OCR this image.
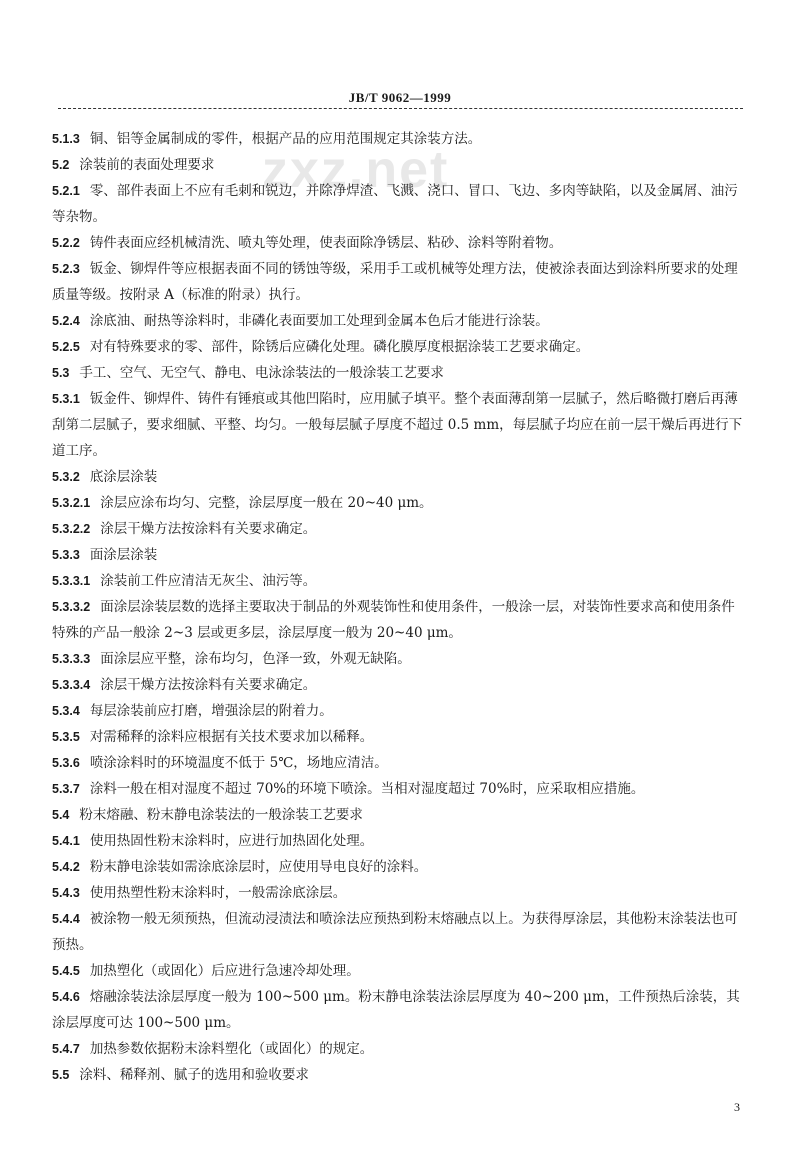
JB/T 9062—1999
zxz.net

5.1.3 铜、铝等金属制成的零件，根据产品的应用范围规定其涂装方法。

5.2 涂装前的表面处理要求

5.2.1 零、部件表面上不应有毛刺和锐边，并除净焊渣、飞溅、浇口、冒口、飞边、多肉等缺陷，以及金属屑、油污等杂物。

5.2.2 铸件表面应经机械清洗、喷丸等处理，使表面除净锈层、粘砂、涂料等附着物。

5.2.3 钣金、铆焊件等应根据表面不同的锈蚀等级，采用手工或机械等处理方法，使被涂表面达到涂料所要求的处理质量等级。按附录 A（标准的附录）执行。

5.2.4 涂底油、耐热等涂料时，非磷化表面要加工处理到金属本色后才能进行涂装。

5.2.5 对有特殊要求的零、部件，除锈后应磷化处理。磷化膜厚度根据涂装工艺要求确定。

5.3 手工、空气、无空气、静电、电泳涂装法的一般涂装工艺要求

5.3.1 钣金件、铆焊件、铸件有锤痕或其他凹陷时，应用腻子填平。整个表面薄刮第一层腻子，然后略微打磨后再薄刮第二层腻子，要求细腻、平整、均匀。一般每层腻子厚度不超过 0.5 mm，每层腻子均应在前一层干燥后再进行下道工序。

5.3.2 底涂层涂装

5.3.2.1 涂层应涂布均匀、完整，涂层厚度一般在 20~40 μm。

5.3.2.2 涂层干燥方法按涂料有关要求确定。

5.3.3 面涂层涂装

5.3.3.1 涂装前工件应清洁无灰尘、油污等。

5.3.3.2 面涂层涂装层数的选择主要取决于制品的外观装饰性和使用条件，一般涂一层，对装饰性要求高和使用条件特殊的产品一般涂 2~3 层或更多层，涂层厚度一般为 20~40 μm。

5.3.3.3 面涂层应平整，涂布均匀，色泽一致，外观无缺陷。

5.3.3.4 涂层干燥方法按涂料有关要求确定。

5.3.4 每层涂装前应打磨，增强涂层的附着力。

5.3.5 对需稀释的涂料应根据有关技术要求加以稀释。

5.3.6 喷涂涂料时的环境温度不低于 5℃，场地应清洁。

5.3.7 涂料一般在相对湿度不超过 70%的环境下喷涂。当相对湿度超过 70%时，应采取相应措施。

5.4 粉末熔融、粉末静电涂装法的一般涂装工艺要求

5.4.1 使用热固性粉末涂料时，应进行加热固化处理。

5.4.2 粉末静电涂装如需涂底涂层时，应使用导电良好的涂料。

5.4.3 使用热塑性粉末涂料时，一般需涂底涂层。

5.4.4 被涂物一般无须预热，但流动浸渍法和喷涂法应预热到粉末熔融点以上。为获得厚涂层，其他粉末涂装法也可预热。

5.4.5 加热塑化（或固化）后应进行急速冷却处理。

5.4.6 熔融涂装法涂层厚度一般为 100~500 μm。粉末静电涂装法涂层厚度为 40~200 μm，工件预热后涂装，其涂层厚度可达 100~500 μm。

5.4.7 加热参数依据粉末涂料塑化（或固化）的规定。

5.5 涂料、稀释剂、腻子的选用和验收要求

3
